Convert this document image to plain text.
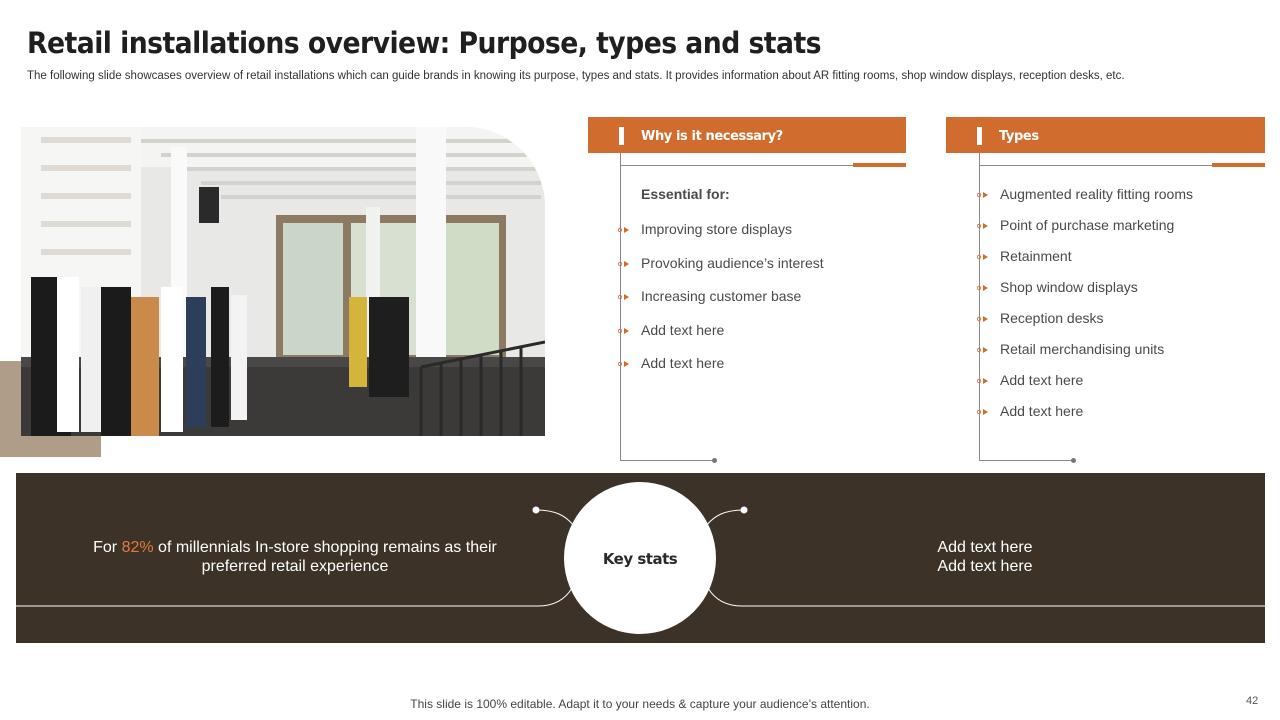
Retail installations overview: Purpose, types and stats
The following slide showcases overview of retail installations which can guide brands in knowing its purpose, types and stats. It provides information about AR fitting rooms, shop window displays, reception desks, etc.
Why is it necessary?	Types
Essential for:
Improving store displays
Provoking audience’s interest
Increasing customer base
Add text here
Add text here
Augmented reality fitting rooms
Point of purchase marketing
Retainment
Shop window displays
Reception desks
Retail merchandising units
Add text here
Add text here
Key stats
For 82% of millennials In-store shopping remains as their preferred retail experience
Add text here
Add text here
This slide is 100% editable. Adapt it to your needs & capture your audience’s attention.	42
